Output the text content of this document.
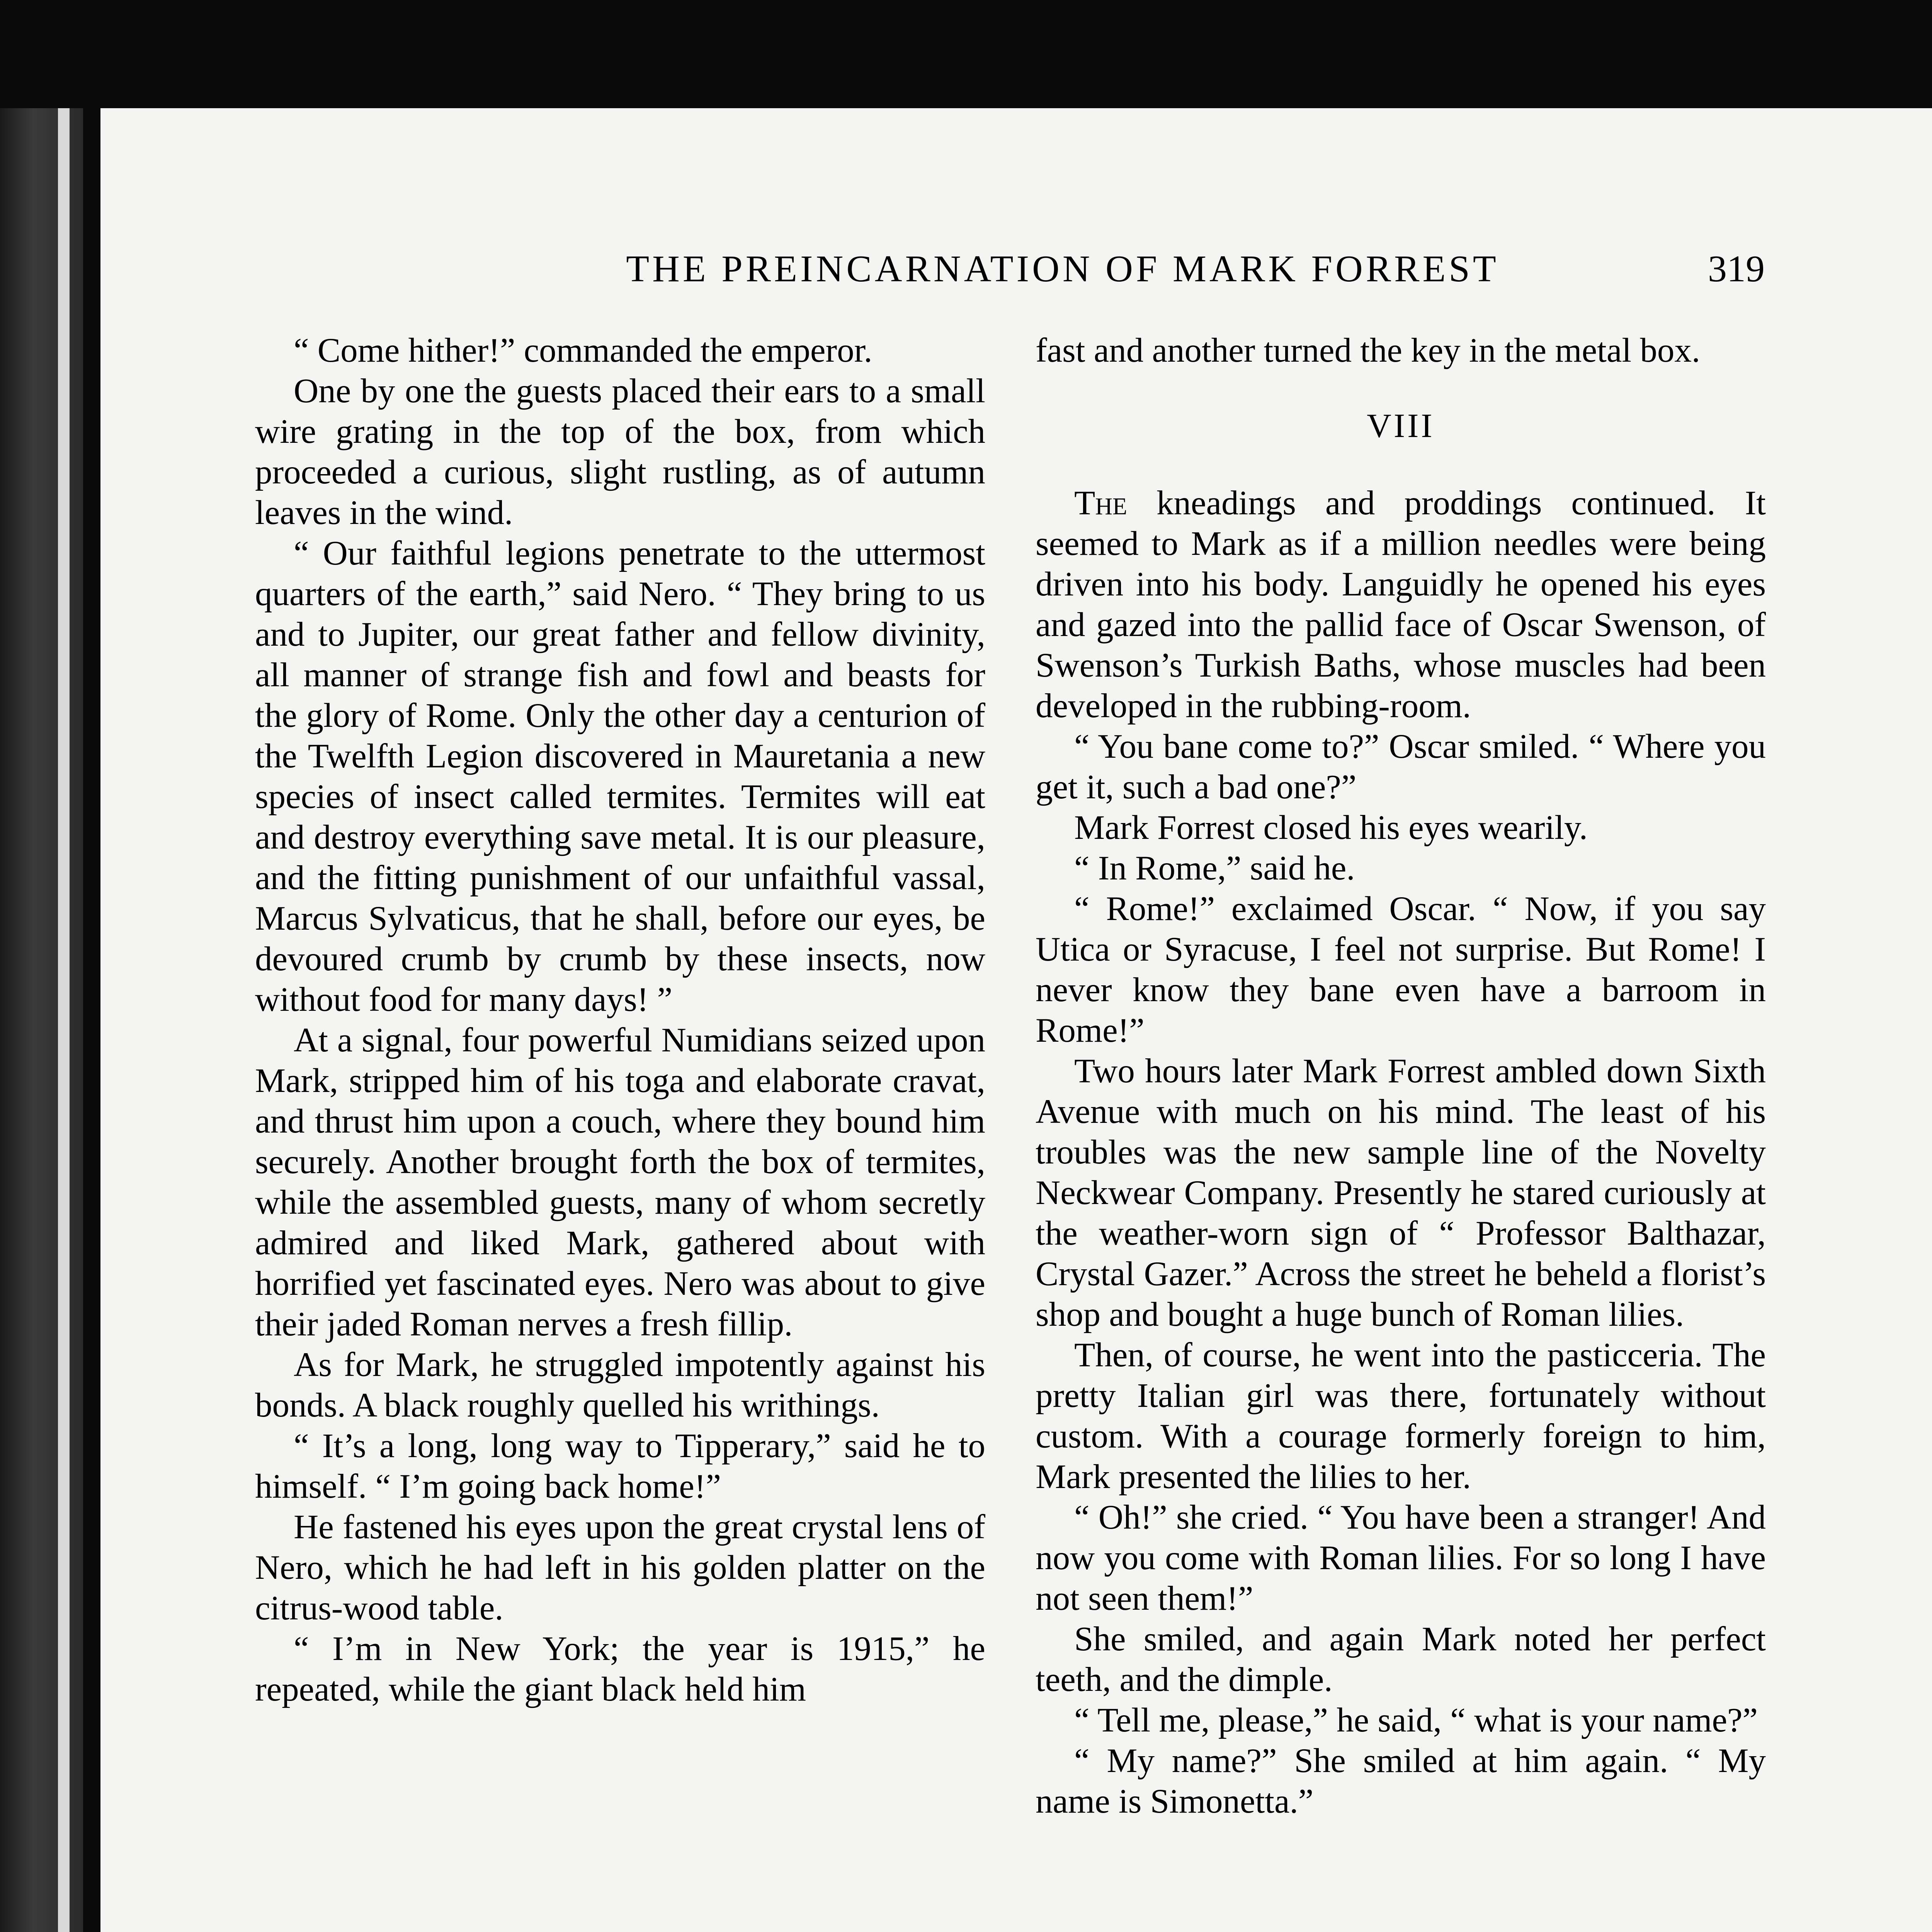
THE PREINCARNATION OF MARK FORREST	319

“ Come hither!” commanded the emperor.

One by one the guests placed their ears to a small wire grating in the top of the box, from which proceeded a curious, slight rustling, as of autumn leaves in the wind.

“ Our faithful legions penetrate to the uttermost quarters of the earth,” said Nero. “ They bring to us and to Jupiter, our great father and fellow divinity, all manner of strange fish and fowl and beasts for the glory of Rome. Only the other day a centurion of the Twelfth Legion discovered in Mauretania a new species of insect called termites. Termites will eat and destroy everything save metal. It is our pleasure, and the fitting punishment of our unfaithful vassal, Marcus Sylvaticus, that he shall, before our eyes, be devoured crumb by crumb by these insects, now without food for many days! ”

At a signal, four powerful Numidians seized upon Mark, stripped him of his toga and elaborate cravat, and thrust him upon a couch, where they bound him securely. Another brought forth the box of termites, while the assembled guests, many of whom secretly admired and liked Mark, gathered about with horrified yet fascinated eyes. Nero was about to give their jaded Roman nerves a fresh fillip.

As for Mark, he struggled impotently against his bonds. A black roughly quelled his writhings.

“ It’s a long, long way to Tipperary,” said he to himself. “ I’m going back home!”

He fastened his eyes upon the great crystal lens of Nero, which he had left in his golden platter on the citrus-wood table.

“ I’m in New York; the year is 1915,” he repeated, while the giant black held him

fast and another turned the key in the metal box.

VIII

The kneadings and proddings continued. It seemed to Mark as if a million needles were being driven into his body. Languidly he opened his eyes and gazed into the pallid face of Oscar Swenson, of Swenson’s Turkish Baths, whose muscles had been developed in the rubbing-room.

“ You bane come to?” Oscar smiled. “ Where you get it, such a bad one?”

Mark Forrest closed his eyes wearily.

“ In Rome,” said he.

“ Rome!” exclaimed Oscar. “ Now, if you say Utica or Syracuse, I feel not surprise. But Rome! I never know they bane even have a barroom in Rome!”

Two hours later Mark Forrest ambled down Sixth Avenue with much on his mind. The least of his troubles was the new sample line of the Novelty Neckwear Company. Presently he stared curiously at the weather-worn sign of “ Professor Balthazar, Crystal Gazer.” Across the street he beheld a florist’s shop and bought a huge bunch of Roman lilies.

Then, of course, he went into the pasticceria. The pretty Italian girl was there, fortunately without custom. With a courage formerly foreign to him, Mark presented the lilies to her.

“ Oh!” she cried. “ You have been a stranger! And now you come with Roman lilies. For so long I have not seen them!”

She smiled, and again Mark noted her perfect teeth, and the dimple.

“ Tell me, please,” he said, “ what is your name?”

“ My name?” She smiled at him again. “ My name is Simonetta.”
